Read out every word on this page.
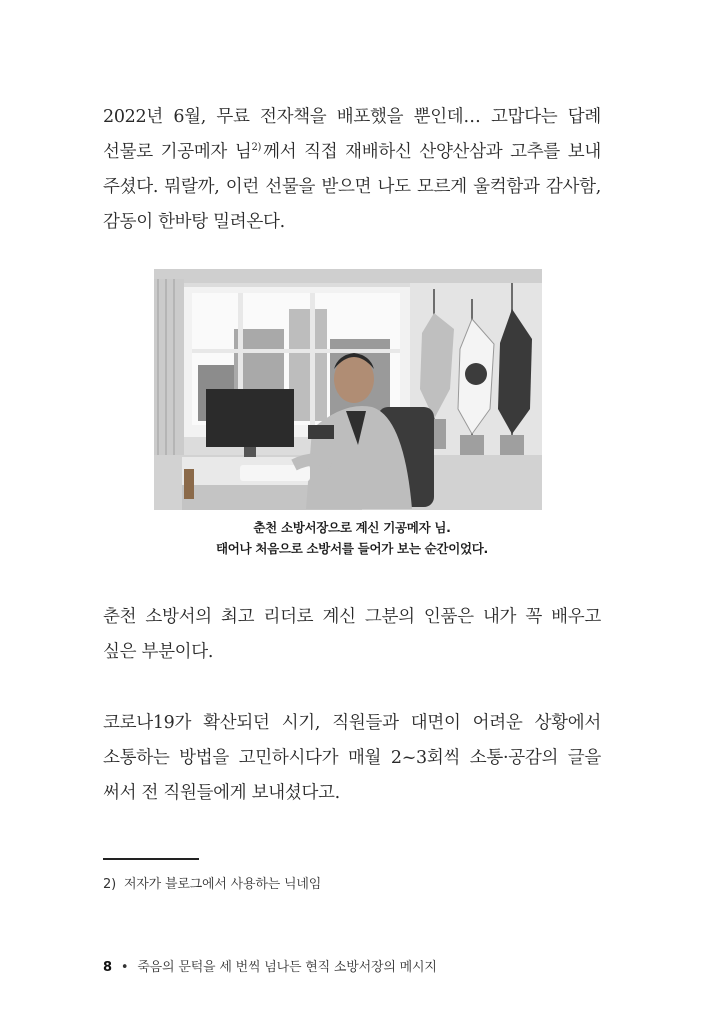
2022년 6월, 무료 전자책을 배포했을 뿐인데… 고맙다는 답례 선물로 기공메자 님$^{2)}$ 께서 직접 재배하신 산양산삼과 고추를 보내 주셨다. 뭐랄까, 이런 선물을 받으면 나도 모르게 울컥함과 감사함, 감동이 한바탕 밀려온다.

춘천 소방서장으로 계신 기공메자 님.
태어나 처음으로 소방서를 들어가 보는 순간이었다.

춘천 소방서의 최고 리더로 계신 그분의 인품은 내가 꼭 배우고 싶은 부분이다.

코로나19가 확산되던 시기, 직원들과 대면이 어려운 상황에서 소통하는 방법을 고민하시다가 매월 2~3회씩 소통·공감의 글을 써서 전 직원들에게 보내셨다고.

2) 저자가 블로그에서 사용하는 닉네임
8 • 죽음의 문턱을 세 번씩 넘나든 현직 소방서장의 메시지
